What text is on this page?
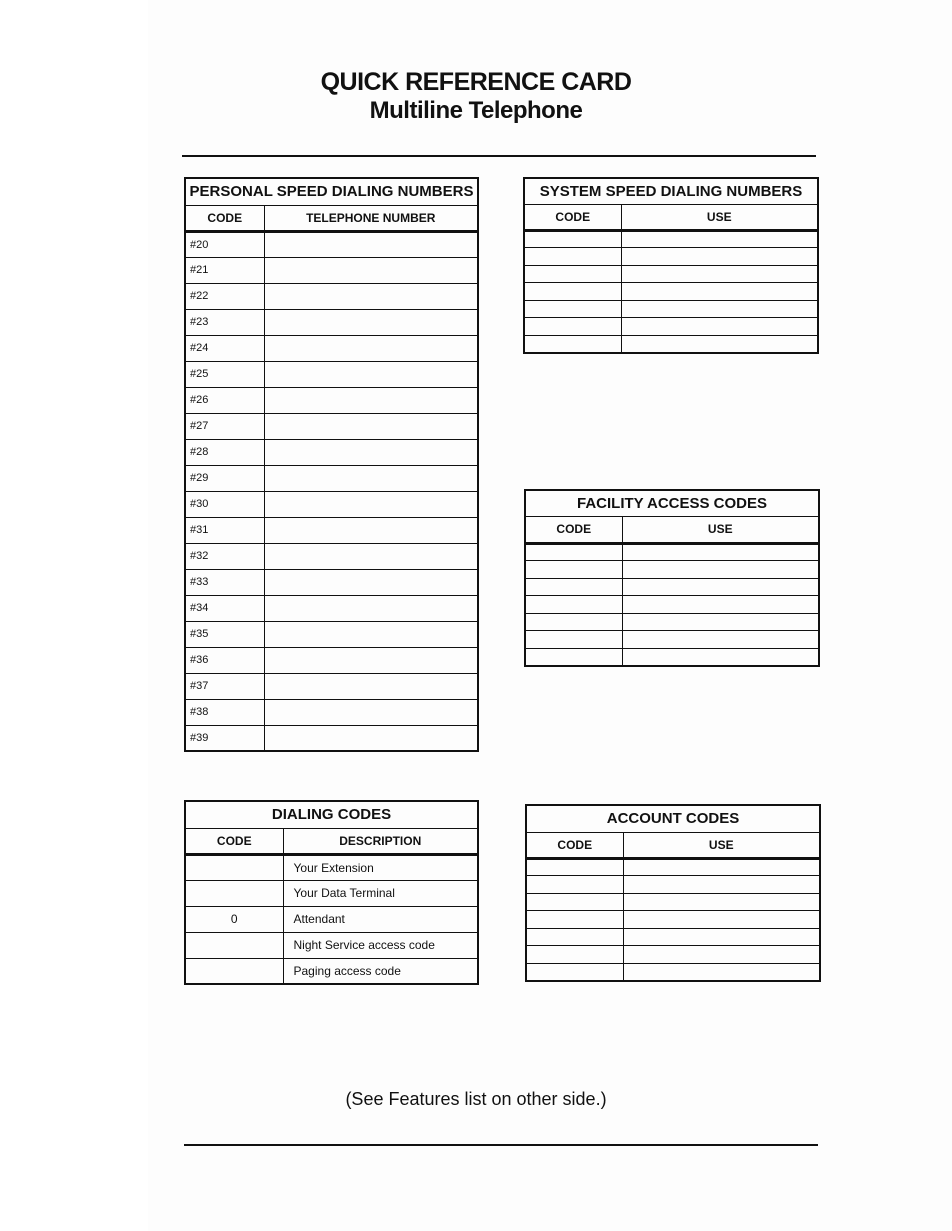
QUICK REFERENCE CARD
Multiline Telephone
PERSONAL SPEED DIALING NUMBERS	
CODE	TELEPHONE NUMBER
#20	
#21	
#22	
#23	
#24	
#25	
#26	
#27	
#28	
#29	
#30	
#31	
#32	
#33	
#34	
#35	
#36	
#37	
#38	
#39	
SYSTEM SPEED DIALING NUMBERS	
CODE	USE

FACILITY ACCESS CODES	
CODE	USE

DIALING CODES	
CODE	DESCRIPTION
	Your Extension
	Your Data Terminal
0	Attendant
	Night Service access code
	Paging access code
ACCOUNT CODES	
CODE	USE

(See Features list on other side.)
